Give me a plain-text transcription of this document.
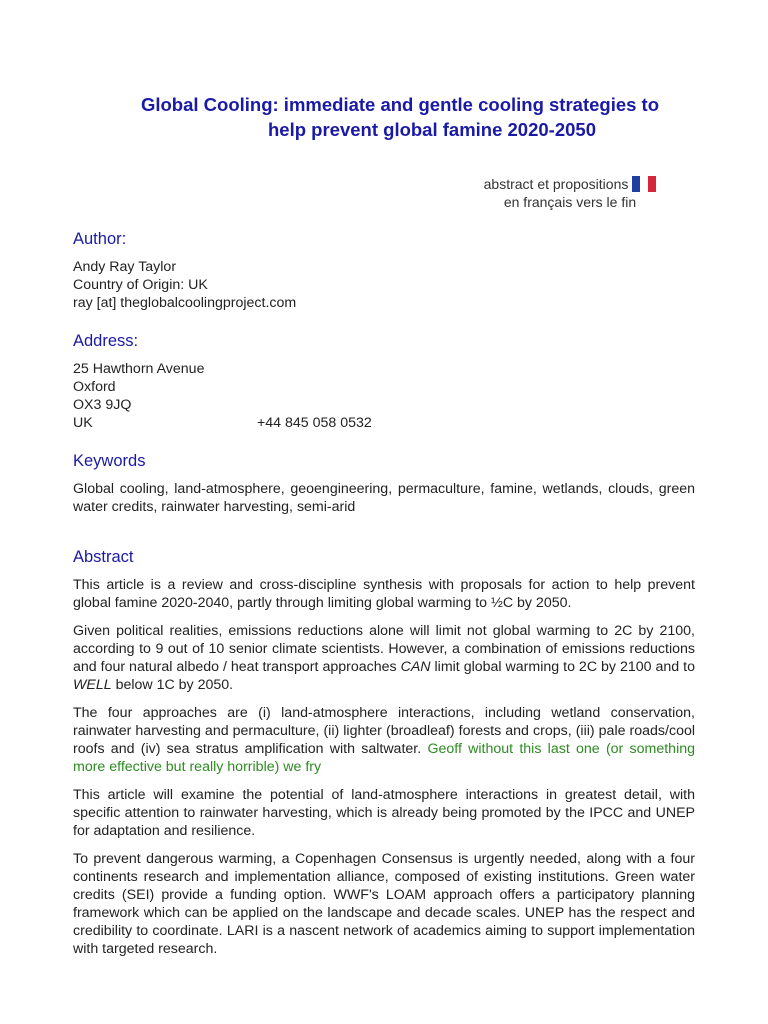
Global Cooling: immediate and gentle cooling strategies to
help prevent global famine 2020-2050
abstract et propositions
en français vers le fin
Author:
Andy Ray Taylor
Country of Origin: UK
ray [at] theglobalcoolingproject.com
Address:
25 Hawthorn Avenue
Oxford
OX3 9JQ
UK	+44 845 058 0532
Keywords

Global cooling, land-atmosphere, geoengineering, permaculture, famine, wetlands, clouds, green water credits, rainwater harvesting, semi-arid

Abstract

This article is a review and cross-discipline synthesis with proposals for action to help prevent global famine 2020-2040, partly through limiting global warming to ½C by 2050.

Given political realities, emissions reductions alone will limit not global warming to 2C by 2100, according to 9 out of 10 senior climate scientists. However, a combination of emissions reductions and four natural albedo / heat transport approaches CAN limit global warming to 2C by 2100 and to WELL below 1C by 2050.

The four approaches are (i) land-atmosphere interactions, including wetland conservation, rainwater harvesting and permaculture, (ii) lighter (broadleaf) forests and crops, (iii) pale roads/cool roofs and (iv) sea stratus amplification with saltwater. Geoff without this last one (or something more effective but really horrible) we fry

This article will examine the potential of land-atmosphere interactions in greatest detail, with specific attention to rainwater harvesting, which is already being promoted by the IPCC and UNEP for adaptation and resilience.

To prevent dangerous warming, a Copenhagen Consensus is urgently needed, along with a four continents research and implementation alliance, composed of existing institutions. Green water credits (SEI) provide a funding option. WWF's LOAM approach offers a participatory planning framework which can be applied on the landscape and decade scales. UNEP has the respect and credibility to coordinate. LARI is a nascent network of academics aiming to support implementation with targeted research.
